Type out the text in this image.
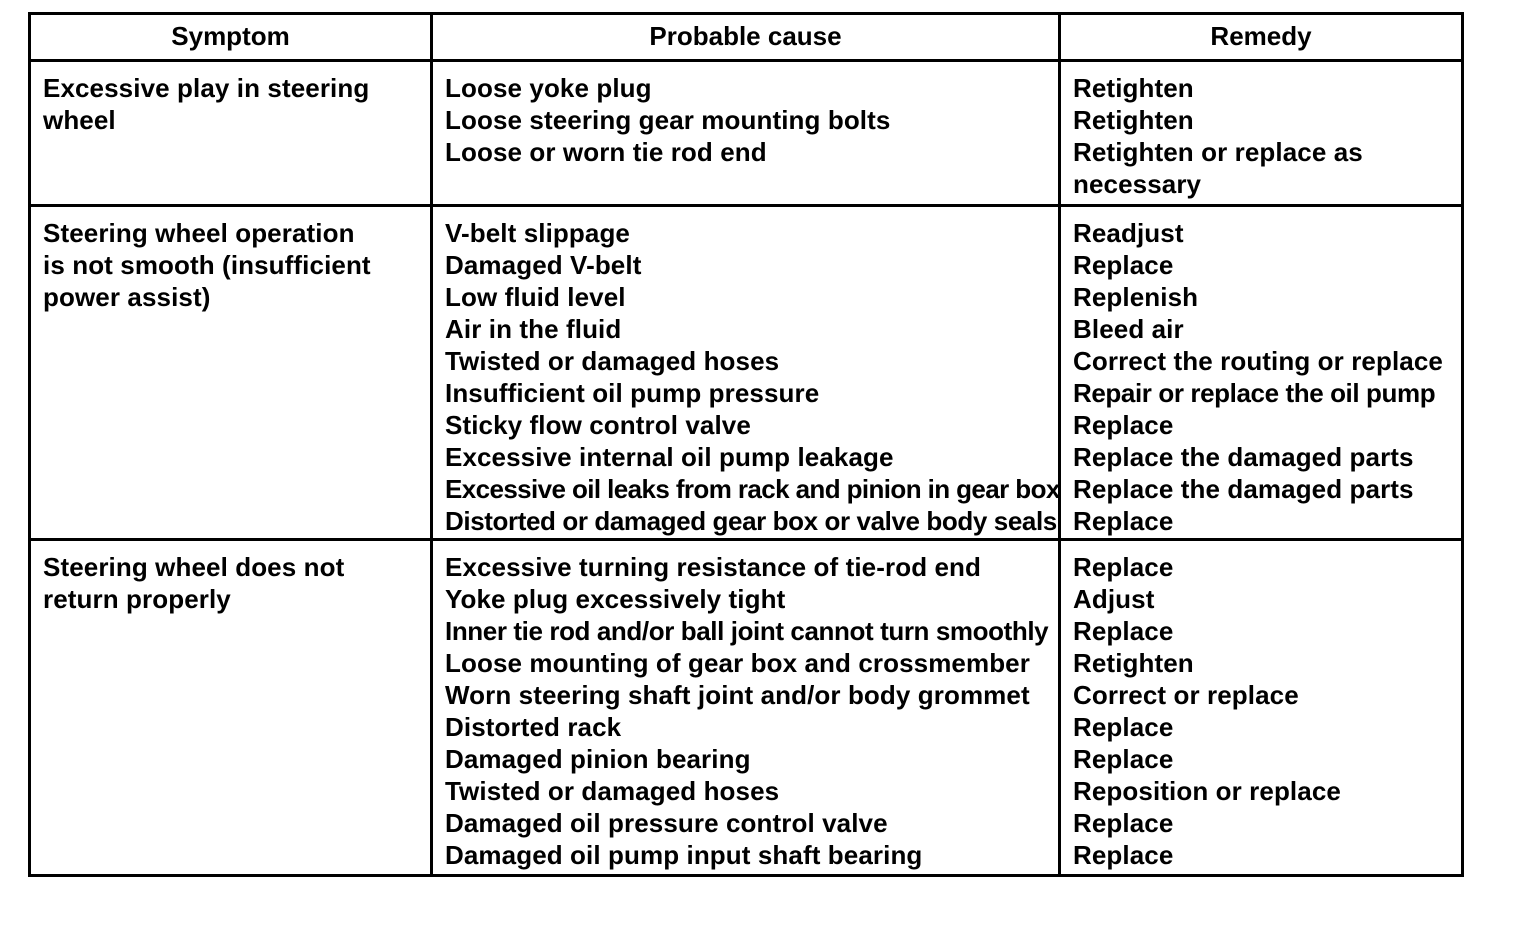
Symptom	Probable cause	Remedy
Excessive play in steering wheel
Loose yoke plug
Loose steering gear mounting bolts
Loose or worn tie rod end
Retighten
Retighten
Retighten or replace as
necessary
Steering wheel operation is not smooth (insufficient power assist)
V-belt slippage
Damaged V-belt
Low fluid level
Air in the fluid
Twisted or damaged hoses
Insufficient oil pump pressure
Sticky flow control valve
Excessive internal oil pump leakage
Excessive oil leaks from rack and pinion in gear box
Distorted or damaged gear box or valve body seals
Readjust
Replace
Replenish
Bleed air
Correct the routing or replace
Repair or replace the oil pump
Replace
Replace the damaged parts
Replace the damaged parts
Replace
Steering wheel does not return properly
Excessive turning resistance of tie-rod end
Yoke plug excessively tight
Inner tie rod and/or ball joint cannot turn smoothly
Loose mounting of gear box and crossmember
Worn steering shaft joint and/or body grommet
Distorted rack
Damaged pinion bearing
Twisted or damaged hoses
Damaged oil pressure control valve
Damaged oil pump input shaft bearing
Replace
Adjust
Replace
Retighten
Correct or replace
Replace
Replace
Reposition or replace
Replace
Replace
